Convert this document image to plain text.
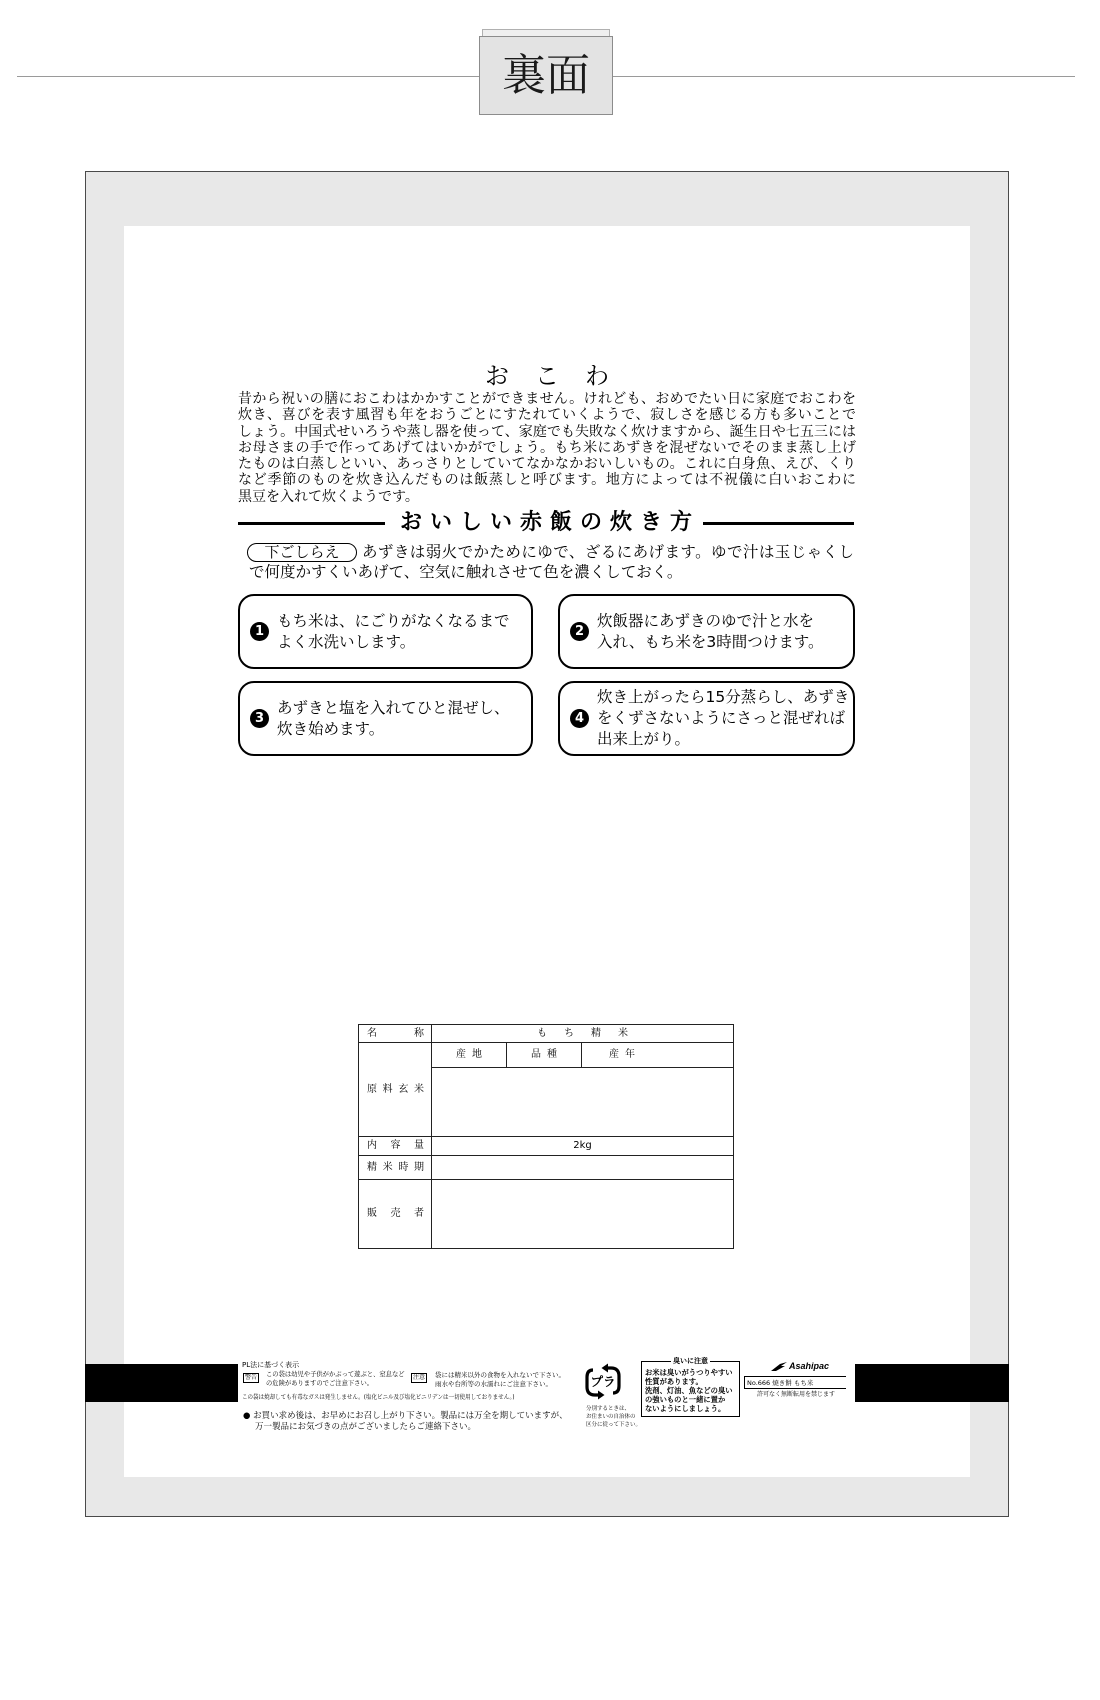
裏面
おこわ
昔から祝いの膳におこわはかかすことができません。けれども、おめでたい日に家庭でおこわを
炊き、喜びを表す風習も年をおうごとにすたれていくようで、寂しさを感じる方も多いことで
しょう。中国式せいろうや蒸し器を使って、家庭でも失敗なく炊けますから、誕生日や七五三には
お母さまの手で作ってあげてはいかがでしょう。もち米にあずきを混ぜないでそのまま蒸し上げ
たものは白蒸しといい、あっさりとしていてなかなかおいしいもの。これに白身魚、えび、くり
など季節のものを炊き込んだものは飯蒸しと呼びます。地方によっては不祝儀に白いおこわに
黒豆を入れて炊くようです。
おいしい赤飯の炊き方
下ごしらえ	あずきは弱火でかためにゆで、ざるにあげます。ゆで汁は玉じゃくし
で何度かすくいあげて、空気に触れさせて色を濃くしておく。
1
もち米は、にごりがなくなるまで
よく水洗いします。
2
炊飯器にあずきのゆで汁と水を
入れ、もち米を3時間つけます。
3
あずきと塩を入れてひと混ぜし、
炊き始めます。
4
炊き上がったら15分蒸らし、あずき
をくずさないようにさっと混ぜれば
出来上がり。
名称	もち精米
原料玄米
産地	品種	産年
内容量	2kg
精米時期
販売者
PL法に基づく表示
警告	この袋は幼児や子供がかぶって遊ぶと、窒息など
の危険がありますのでご注意下さい。
注意	袋には精米以外の食物を入れないで下さい。
雨水や台所等の水濡れにご注意下さい。
この袋は焼却しても有毒なガスは発生しません。(塩化ビニル及び塩化ビニリデンは一切使用しておりません。)
● お買い求め後は、お早めにお召し上がり下さい。製品には万全を期していますが、
万一製品にお気づきの点がございましたらご連絡下さい。
プラ
分別するときは、
お住まいの自治体の
区分に従って下さい。
臭いに注意
お米は臭いがうつりやすい
性質があります。
洗剤、灯油、魚などの臭い
の強いものと一緒に置か
ないようにしましょう。
Asahipac
No.666 焼き餅 もち米
許可なく無断転用を禁じます
